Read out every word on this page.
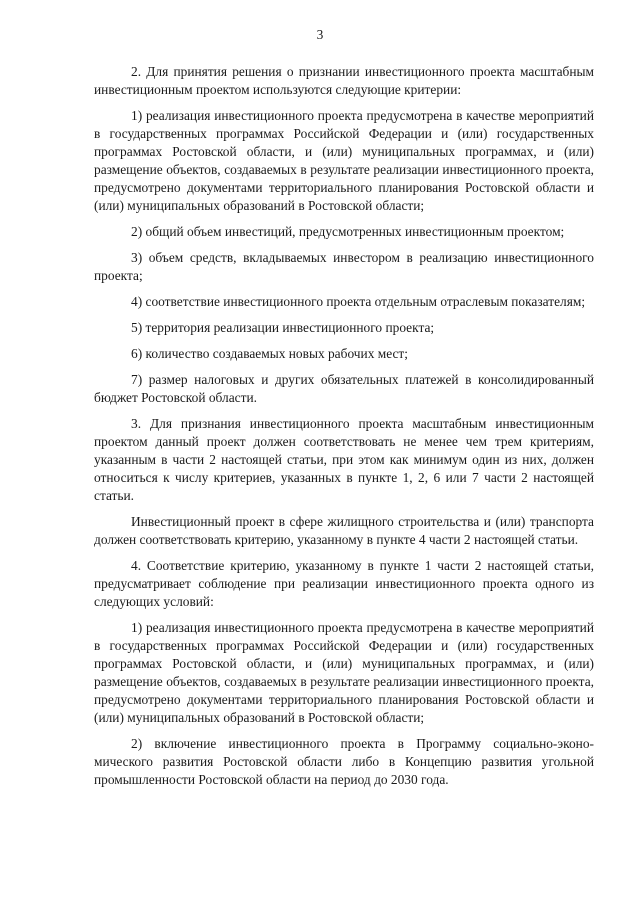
3

2. Для принятия решения о признании инвестиционного проекта масштабным инвестиционным проектом используются следующие критерии:

1) реализация инвестиционного проекта предусмотрена в качестве мероприятий в государственных программах Российской Федерации и (или) государственных программах Ростовской области, и (или) муниципальных программах, и (или) размещение объектов, создаваемых в результате реализации инвестиционного проекта, предусмотрено документами территориального планирования Ростовской области и (или) муниципальных образований в Ростовской области;

2) общий объем инвестиций, предусмотренных инвестиционным проектом;

3) объем средств, вкладываемых инвестором в реализацию инвестиционного проекта;

4) соответствие инвестиционного проекта отдельным отраслевым показателям;

5) территория реализации инвестиционного проекта;

6) количество создаваемых новых рабочих мест;

7) размер налоговых и других обязательных платежей в консолидированный бюджет Ростовской области.

3. Для признания инвестиционного проекта масштабным инвестиционным проектом данный проект должен соответствовать не менее чем трем критериям, указанным в части 2 настоящей статьи, при этом как минимум один из них, должен относиться к числу критериев, указанных в пункте 1, 2, 6 или 7 части 2 настоящей статьи.

Инвестиционный проект в сфере жилищного строительства и (или) транспорта должен соответствовать критерию, указанному в пункте 4 части 2 настоящей статьи.

4. Соответствие критерию, указанному в пункте 1 части 2 настоящей статьи, предусматривает соблюдение при реализации инвестиционного проекта одного из следующих условий:

1) реализация инвестиционного проекта предусмотрена в качестве мероприятий в государственных программах Российской Федерации и (или) государственных программах Ростовской области, и (или) муниципальных программах, и (или) размещение объектов, создаваемых в результате реализации инвестиционного проекта, предусмотрено документами территориального планирования Ростовской области и (или) муниципальных образований в Ростовской области;

2) включение инвестиционного проекта в Программу социально-экономического развития Ростовской области либо в Концепцию развития угольной промышленности Ростовской области на период до 2030 года.
